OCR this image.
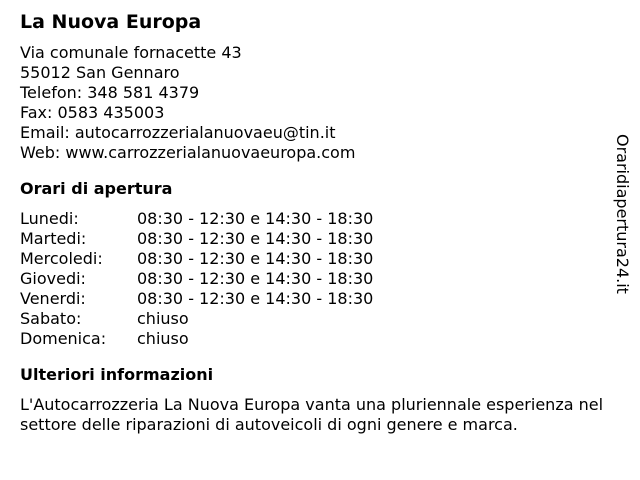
La Nuova Europa
Via comunale fornacette 43
55012 San Gennaro
Telefon: 348 581 4379
Fax: 0583 435003
Email: autocarrozzerialanuovaeu@tin.it
Web: www.carrozzerialanuovaeuropa.com
Orari di apertura
Lunedi:	08:30 - 12:30 e 14:30 - 18:30
Martedi:	08:30 - 12:30 e 14:30 - 18:30
Mercoledi:	08:30 - 12:30 e 14:30 - 18:30
Giovedi:	08:30 - 12:30 e 14:30 - 18:30
Venerdi:	08:30 - 12:30 e 14:30 - 18:30
Sabato:	chiuso
Domenica:	chiuso
Ulteriori informazioni
L'Autocarrozzeria La Nuova Europa vanta una pluriennale esperienza nel settore delle riparazioni di autoveicoli di ogni genere e marca.
Oraridiapertura24.it
